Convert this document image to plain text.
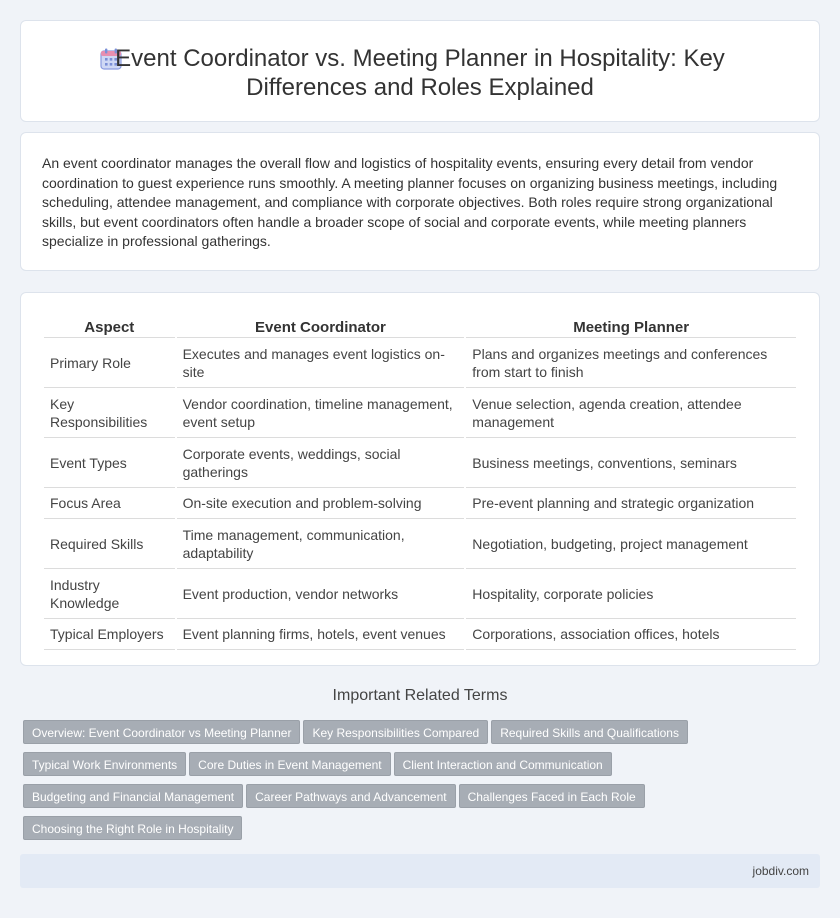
Event Coordinator vs. Meeting Planner in Hospitality: Key
Differences and Roles Explained

An event coordinator manages the overall flow and logistics of hospitality events, ensuring every detail from vendor coordination to guest experience runs smoothly. A meeting planner focuses on organizing business meetings, including scheduling, attendee management, and compliance with corporate objectives. Both roles require strong organizational skills, but event coordinators often handle a broader scope of social and corporate events, while meeting planners specialize in professional gatherings.

Aspect	Event Coordinator	Meeting Planner
Primary Role	Executes and manages event logistics on-site	Plans and organizes meetings and conferences from start to finish
Key Responsibilities	Vendor coordination, timeline management, event setup	Venue selection, agenda creation, attendee management
Event Types	Corporate events, weddings, social gatherings	Business meetings, conventions, seminars
Focus Area	On-site execution and problem-solving	Pre-event planning and strategic organization
Required Skills	Time management, communication, adaptability	Negotiation, budgeting, project management
Industry Knowledge	Event production, vendor networks	Hospitality, corporate policies
Typical Employers	Event planning firms, hotels, event venues	Corporations, association offices, hotels
Important Related Terms
Overview: Event Coordinator vs Meeting Planner Key Responsibilities Compared Required Skills and Qualifications
Typical Work Environments Core Duties in Event Management Client Interaction and Communication
Budgeting and Financial Management Career Pathways and Advancement Challenges Faced in Each Role
Choosing the Right Role in Hospitality
jobdiv.com
